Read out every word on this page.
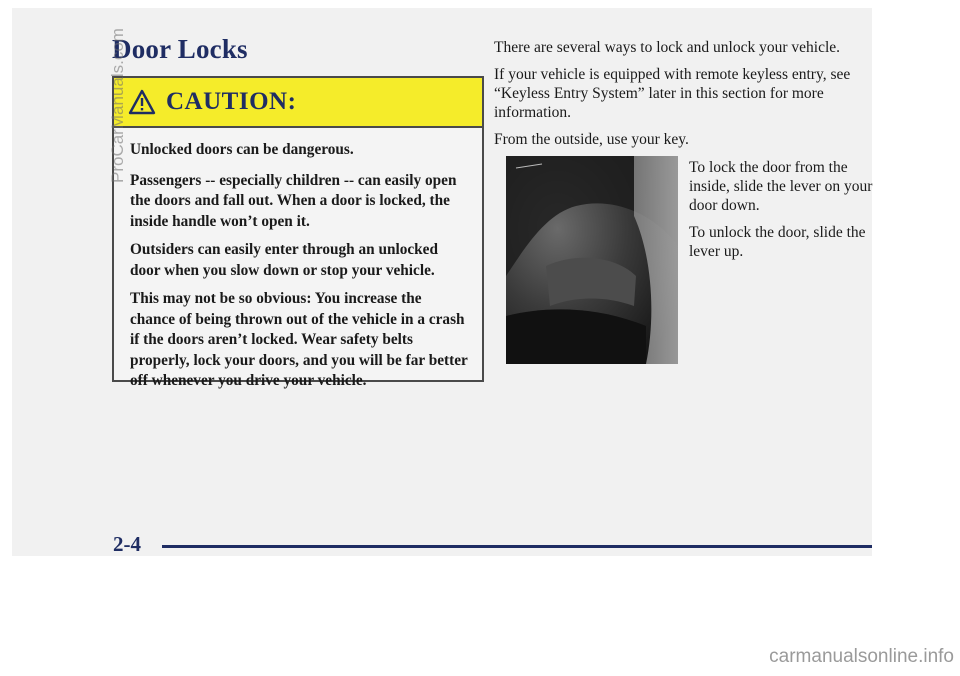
Door Locks
CAUTION:

Unlocked doors can be dangerous.

Passengers -- especially children -- can easily open the doors and fall out. When a door is locked, the inside handle won’t open it.

Outsiders can easily enter through an unlocked door when you slow down or stop your vehicle.

This may not be so obvious: You increase the chance of being thrown out of the vehicle in a crash if the doors aren’t locked. Wear safety belts properly, lock your doors, and you will be far better off whenever you drive your vehicle.

There are several ways to lock and unlock your vehicle.

If your vehicle is equipped with remote keyless entry, see “Keyless Entry System” later in this section for more information.

From the outside, use your key.

To lock the door from the inside, slide the lever on your door down.

To unlock the door, slide the lever up.

2-4
ProCarManuals.com
carmanualsonline.info
